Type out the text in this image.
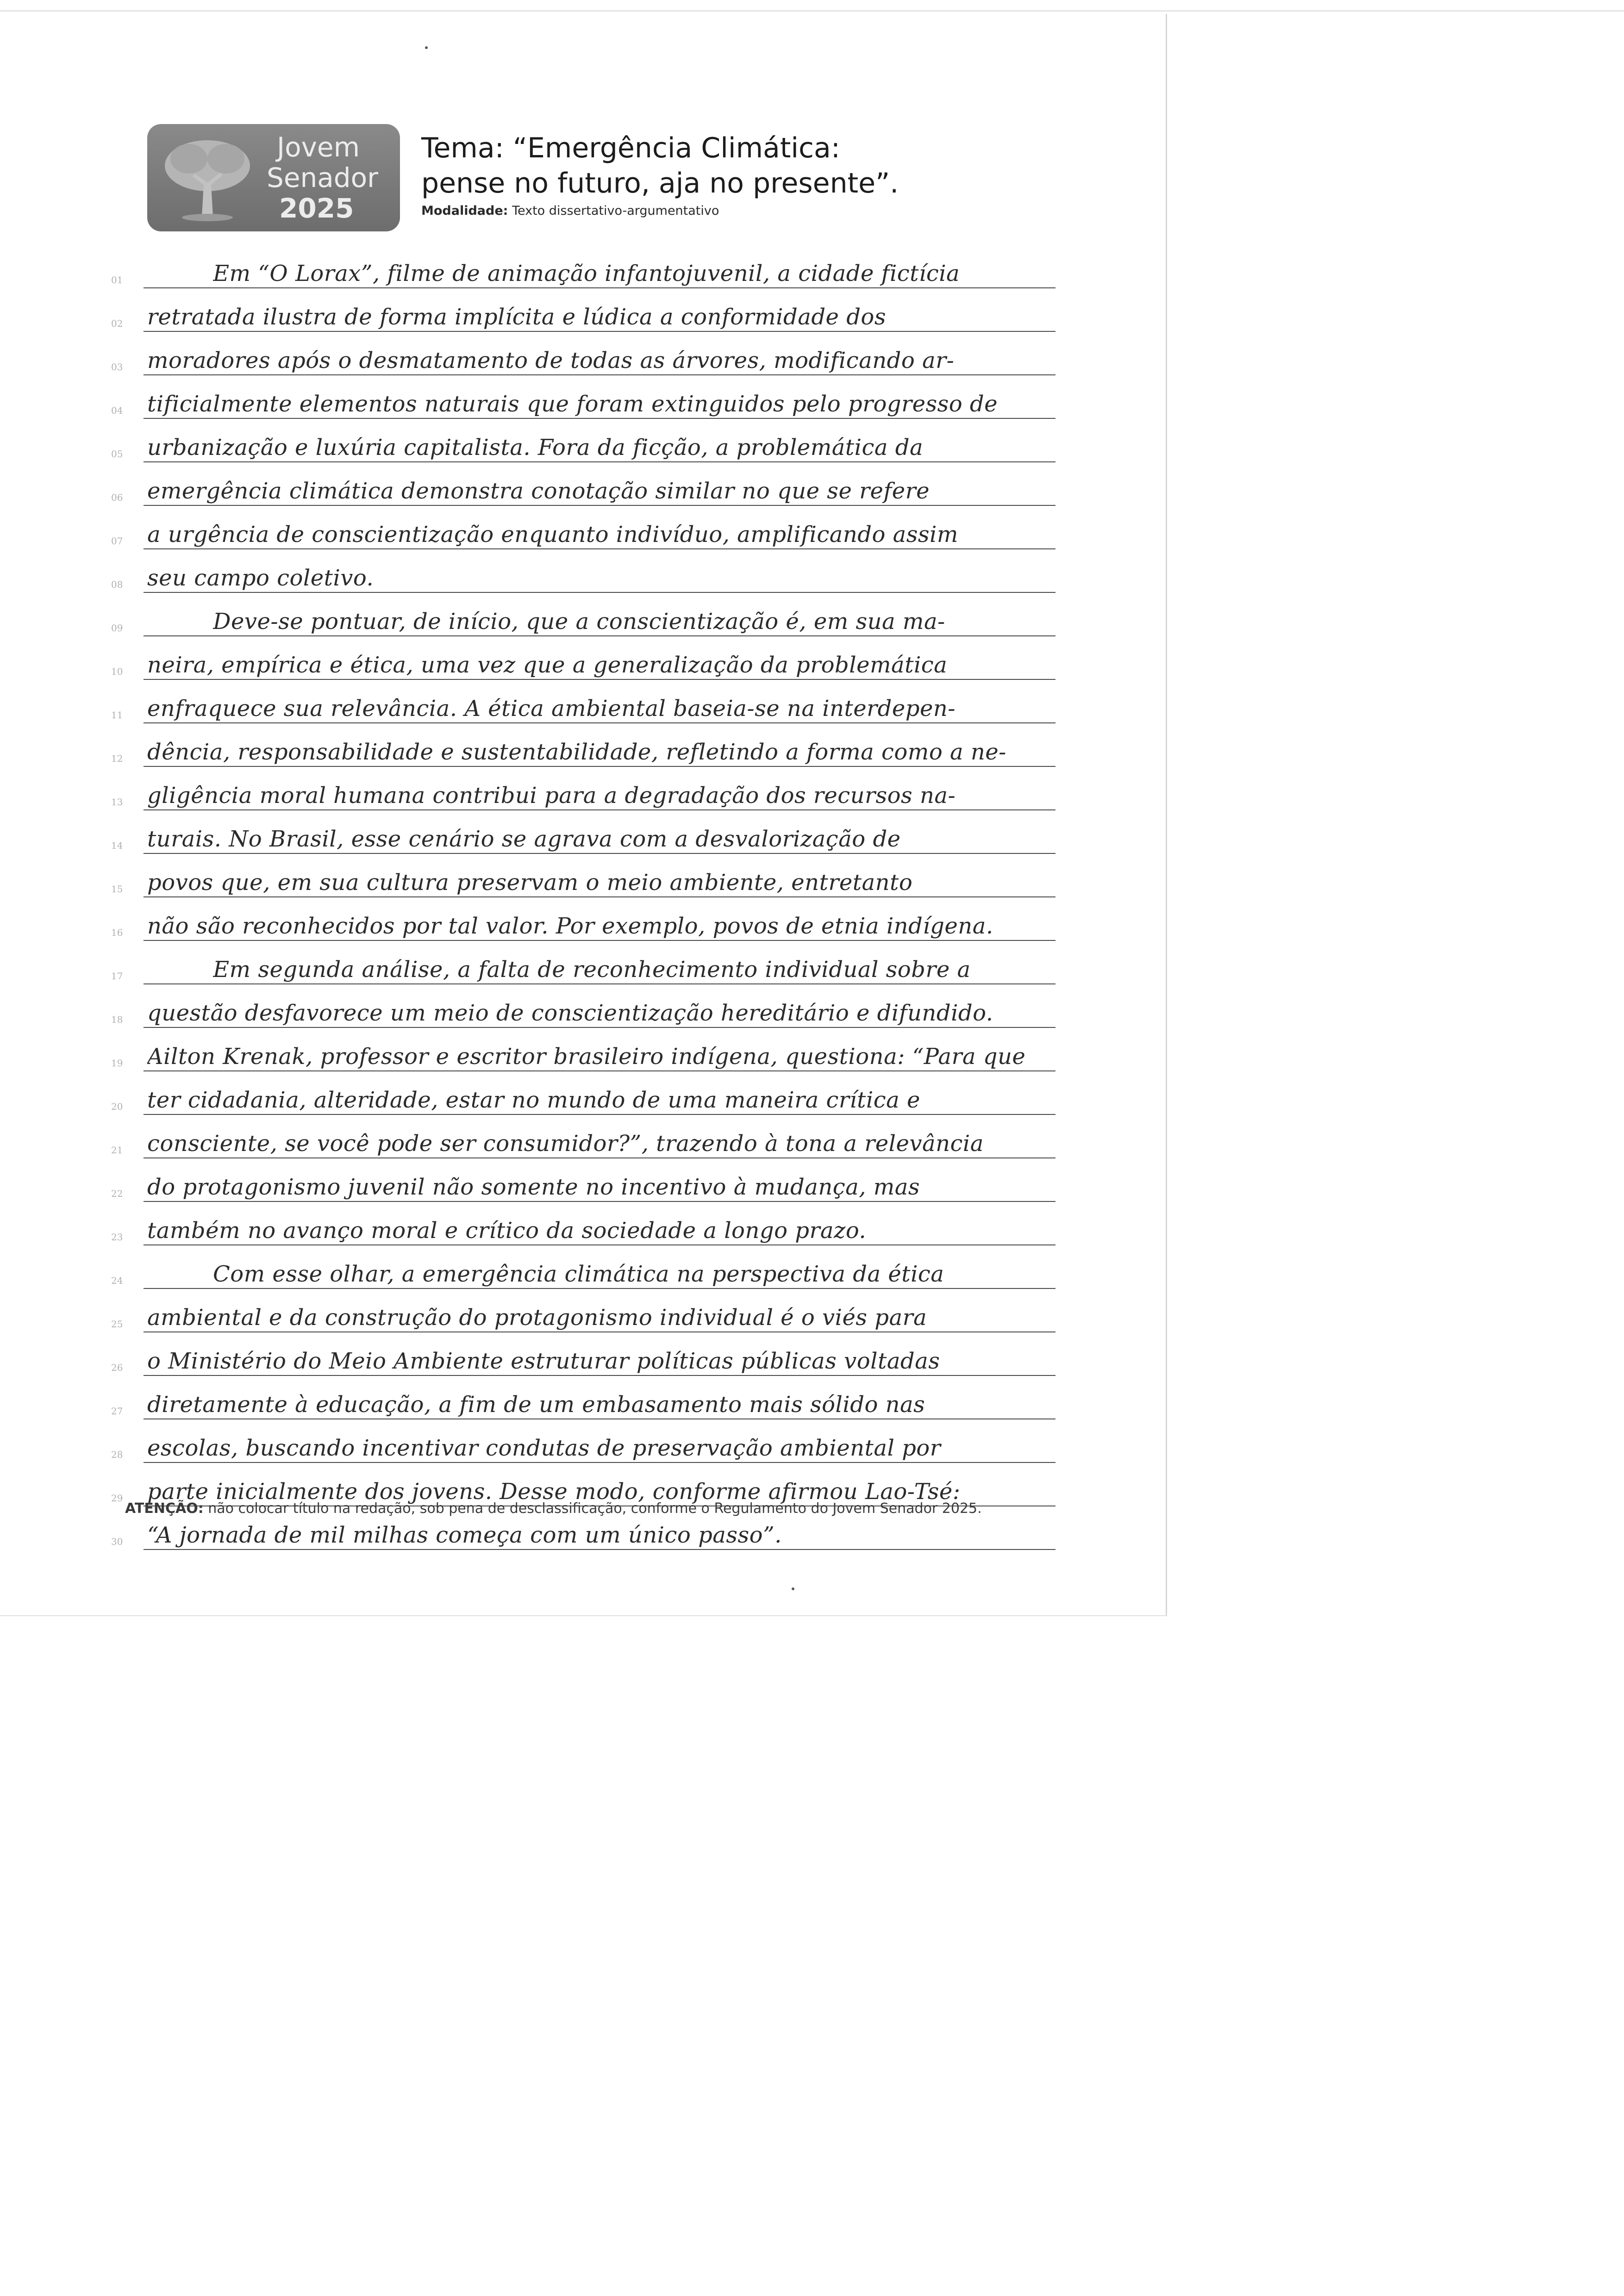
Jovem
Senador
2025
Tema: “Emergência Climática:
pense no futuro, aja no presente”.
Modalidade: Texto dissertativo-argumentativo
01	Em “O Lorax”, filme de animação infantojuvenil, a cidade fictícia
02	retratada ilustra de forma implícita e lúdica a conformidade dos
03	moradores após o desmatamento de todas as árvores, modificando ar-
04	tificialmente elementos naturais que foram extinguidos pelo progresso de
05	urbanização e luxúria capitalista. Fora da ficção, a problemática da
06	emergência climática demonstra conotação similar no que se refere
07	a urgência de conscientização enquanto indivíduo, amplificando assim
08	seu campo coletivo.
09	Deve-se pontuar, de início, que a conscientização é, em sua ma-
10	neira, empírica e ética, uma vez que a generalização da problemática
11	enfraquece sua relevância. A ética ambiental baseia-se na interdepen-
12	dência, responsabilidade e sustentabilidade, refletindo a forma como a ne-
13	gligência moral humana contribui para a degradação dos recursos na-
14	turais. No Brasil, esse cenário se agrava com a desvalorização de
15	povos que, em sua cultura preservam o meio ambiente, entretanto
16	não são reconhecidos por tal valor. Por exemplo, povos de etnia indígena.
17	Em segunda análise, a falta de reconhecimento individual sobre a
18	questão desfavorece um meio de conscientização hereditário e difundido.
19	Ailton Krenak, professor e escritor brasileiro indígena, questiona: “Para que
20	ter cidadania, alteridade, estar no mundo de uma maneira crítica e
21	consciente, se você pode ser consumidor?”, trazendo à tona a relevância
22	do protagonismo juvenil não somente no incentivo à mudança, mas
23	também no avanço moral e crítico da sociedade a longo prazo.
24	Com esse olhar, a emergência climática na perspectiva da ética
25	ambiental e da construção do protagonismo individual é o viés para
26	o Ministério do Meio Ambiente estruturar políticas públicas voltadas
27	diretamente à educação, a fim de um embasamento mais sólido nas
28	escolas, buscando incentivar condutas de preservação ambiental por
29	parte inicialmente dos jovens. Desse modo, conforme afirmou Lao-Tsé:
30	“A jornada de mil milhas começa com um único passo”.
ATENÇÃO: não colocar título na redação, sob pena de desclassificação, conforme o Regulamento do Jovem Senador 2025.
